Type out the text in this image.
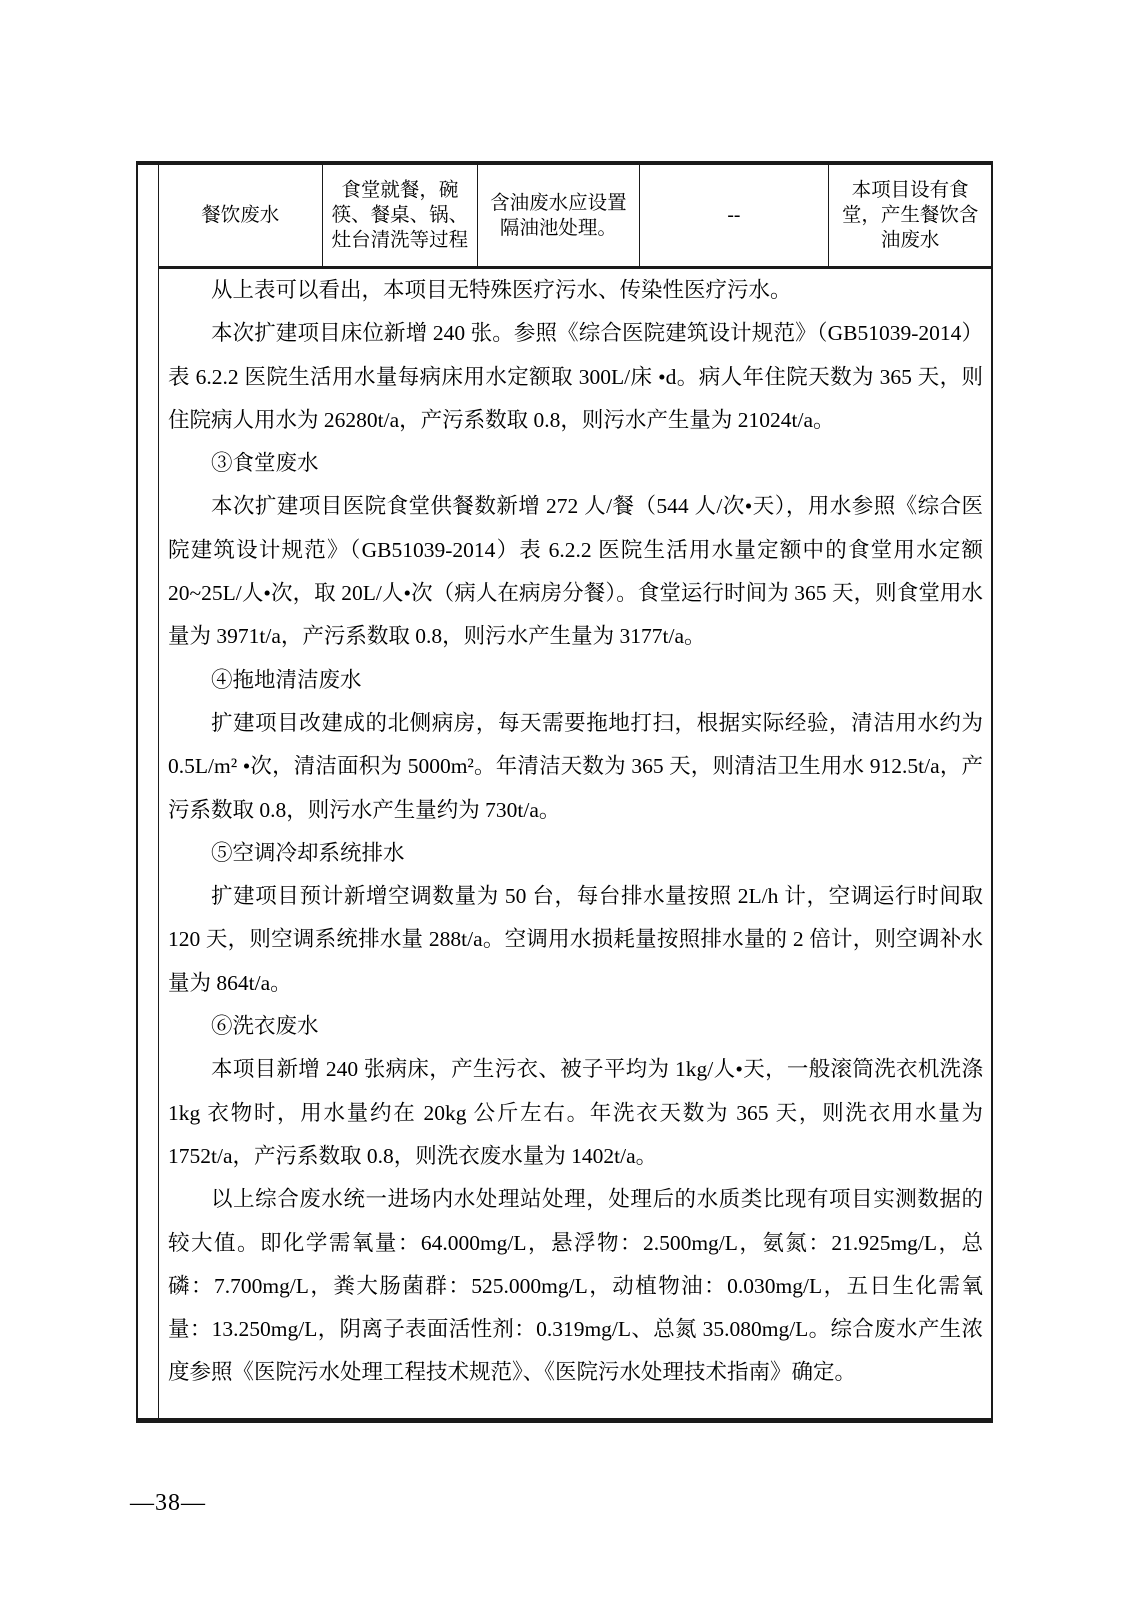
餐饮废水	食堂就餐，碗筷、餐桌、锅、灶台清洗等过程	含油废水应设置隔油池处理。	--	本项目设有食堂，产生餐饮含油废水

从上表可以看出，本项目无特殊医疗污水、传染性医疗污水。

本次扩建项目床位新增 240 张。参照《综合医院建筑设计规范》（GB51039-2014）表 6.2.2 医院生活用水量每病床用水定额取 300L/床 •d。病人年住院天数为 365 天，则住院病人用水为 26280t/a，产污系数取 0.8，则污水产生量为 21024t/a。

③食堂废水

本次扩建项目医院食堂供餐数新增 272 人/餐（544 人/次•天），用水参照《综合医院建筑设计规范》（GB51039-2014）表 6.2.2 医院生活用水量定额中的食堂用水定额 20~25L/人•次，取 20L/人•次（病人在病房分餐）。食堂运行时间为 365 天，则食堂用水量为 3971t/a，产污系数取 0.8，则污水产生量为 3177t/a。

④拖地清洁废水

扩建项目改建成的北侧病房，每天需要拖地打扫，根据实际经验，清洁用水约为 0.5L/m² •次，清洁面积为 5000m²。年清洁天数为 365 天，则清洁卫生用水 912.5t/a，产污系数取 0.8，则污水产生量约为 730t/a。

⑤空调冷却系统排水

扩建项目预计新增空调数量为 50 台，每台排水量按照 2L/h 计，空调运行时间取 120 天，则空调系统排水量 288t/a。空调用水损耗量按照排水量的 2 倍计，则空调补水量为 864t/a。

⑥洗衣废水

本项目新增 240 张病床，产生污衣、被子平均为 1kg/人•天，一般滚筒洗衣机洗涤 1kg 衣物时，用水量约在 20kg 公斤左右。年洗衣天数为 365 天，则洗衣用水量为 1752t/a，产污系数取 0.8，则洗衣废水量为 1402t/a。

以上综合废水统一进场内水处理站处理，处理后的水质类比现有项目实测数据的较大值。即化学需氧量：64.000mg/L，悬浮物：2.500mg/L，氨氮：21.925mg/L，总磷：7.700mg/L，粪大肠菌群：525.000mg/L，动植物油：0.030mg/L，五日生化需氧量：13.250mg/L，阴离子表面活性剂：0.319mg/L、总氮 35.080mg/L。综合废水产生浓度参照《医院污水处理工程技术规范》、《医院污水处理技术指南》确定。

—38—
